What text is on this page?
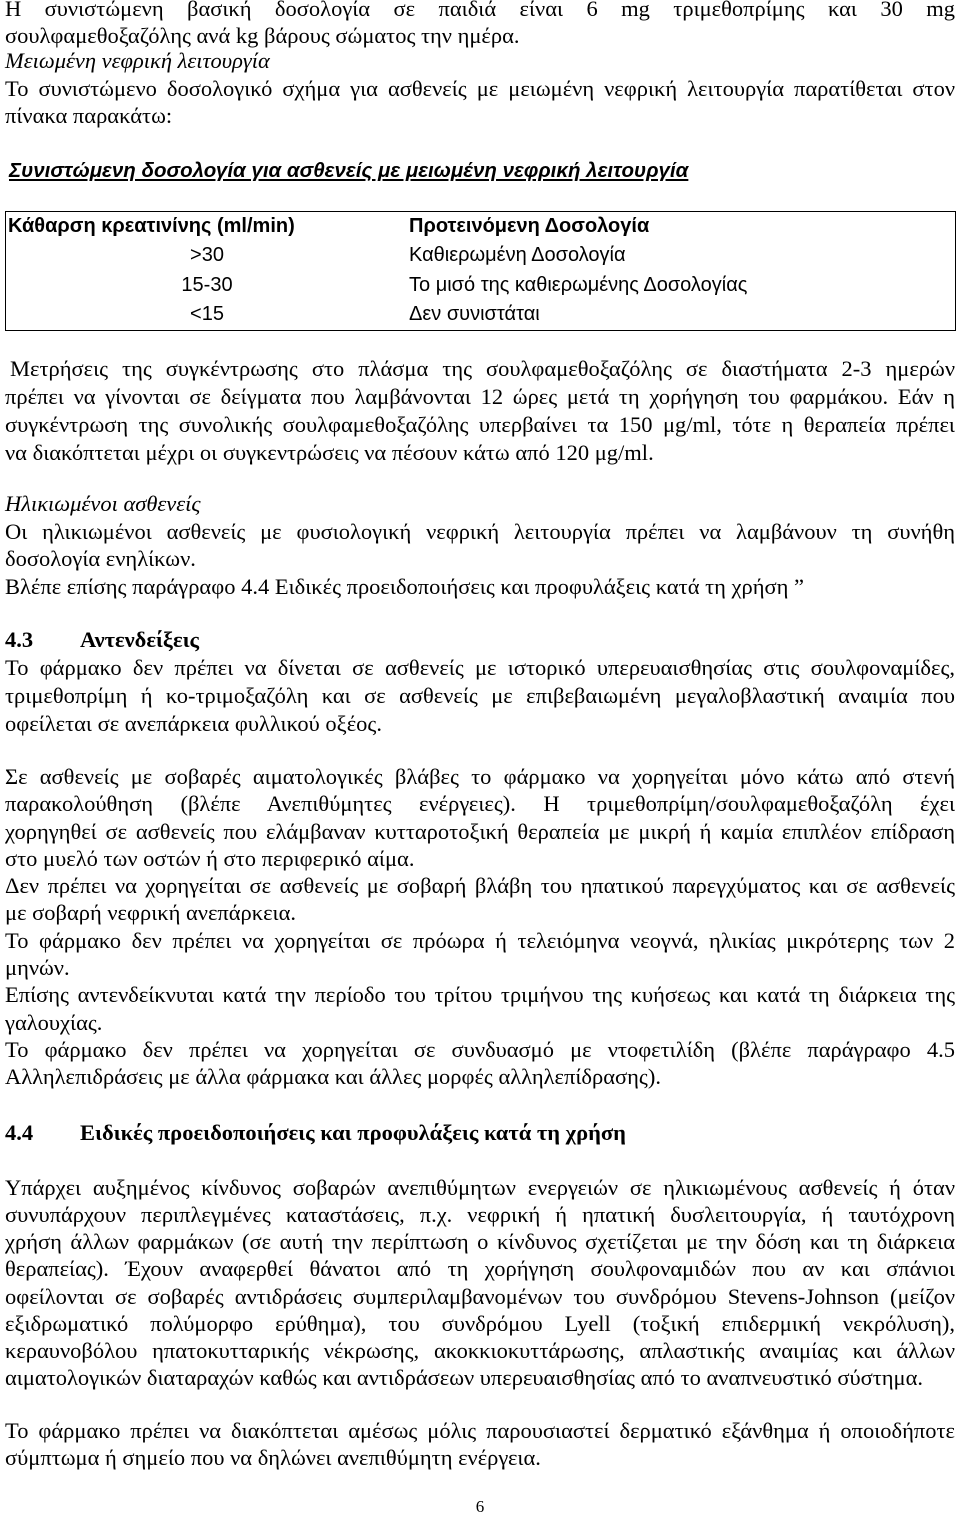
Η συνιστώμενη βασική δοσολογία σε παιδιά είναι 6 mg τριμεθοπρίμης και 30 mg
σουλφαμεθοξαζόλης ανά kg βάρους σώματος την ημέρα.
Μειωμένη νεφρική λειτουργία
Το συνιστώμενο δοσολογικό σχήμα για ασθενείς με μειωμένη νεφρική λειτουργία παρατίθεται στον
πίνακα παρακάτω:
Συνιστώμενη δοσολογία για ασθενείς με μειωμένη νεφρική λειτουργία
Κάθαρση κρεατινίνης (ml/min)	Προτεινόμενη Δοσολογία
>30	Καθιερωμένη Δοσολογία
15-30	Το μισό της καθιερωμένης Δοσολογίας
<15	Δεν συνιστάται
Μετρήσεις της συγκέντρωσης στο πλάσμα της σουλφαμεθοξαζόλης σε διαστήματα 2-3 ημερών
πρέπει να γίνονται σε δείγματα που λαμβάνονται 12 ώρες μετά τη χορήγηση του φαρμάκου. Εάν η
συγκέντρωση της συνολικής σουλφαμεθοξαζόλης υπερβαίνει τα 150 μg/ml, τότε η θεραπεία πρέπει
να διακόπτεται μέχρι οι συγκεντρώσεις να πέσουν κάτω από 120 μg/ml.
Ηλικιωμένοι ασθενείς
Οι ηλικιωμένοι ασθενείς με φυσιολογική νεφρική λειτουργία πρέπει να λαμβάνουν τη συνήθη
δοσολογία ενηλίκων.
Βλέπε επίσης παράγραφο 4.4 Ειδικές προειδοποιήσεις και προφυλάξεις κατά τη χρήση ”
4.3 Αντενδείξεις
Το φάρμακο δεν πρέπει να δίνεται σε ασθενείς με ιστορικό υπερευαισθησίας στις σουλφοναμίδες,
τριμεθοπρίμη ή κο-τριμοξαζόλη και σε ασθενείς με επιβεβαιωμένη μεγαλοβλαστική αναιμία που
οφείλεται σε ανεπάρκεια φυλλικού οξέος.
Σε ασθενείς με σοβαρές αιματολογικές βλάβες το φάρμακο να χορηγείται μόνο κάτω από στενή
παρακολούθηση (βλέπε Ανεπιθύμητες ενέργειες). Η τριμεθοπρίμη/σουλφαμεθοξαζόλη έχει
χορηγηθεί σε ασθενείς που ελάμβαναν κυτταροτοξική θεραπεία με μικρή ή καμία επιπλέον επίδραση
στο μυελό των οστών ή στο περιφερικό αίμα.
Δεν πρέπει να χορηγείται σε ασθενείς με σοβαρή βλάβη του ηπατικού παρεγχύματος και σε ασθενείς
με σοβαρή νεφρική ανεπάρκεια.
Το φάρμακο δεν πρέπει να χορηγείται σε πρόωρα ή τελειόμηνα νεογνά, ηλικίας μικρότερης των 2
μηνών.
Επίσης αντενδείκνυται κατά την περίοδο του τρίτου τριμήνου της κυήσεως και κατά τη διάρκεια της
γαλουχίας.
Το φάρμακο δεν πρέπει να χορηγείται σε συνδυασμό με ντοφετιλίδη (βλέπε παράγραφο 4.5
Αλληλεπιδράσεις με άλλα φάρμακα και άλλες μορφές αλληλεπίδρασης).
4.4 Ειδικές προειδοποιήσεις και προφυλάξεις κατά τη χρήση
Υπάρχει αυξημένος κίνδυνος σοβαρών ανεπιθύμητων ενεργειών σε ηλικιωμένους ασθενείς ή όταν
συνυπάρχουν περιπλεγμένες καταστάσεις, π.χ. νεφρική ή ηπατική δυσλειτουργία, ή ταυτόχρονη
χρήση άλλων φαρμάκων (σε αυτή την περίπτωση ο κίνδυνος σχετίζεται με την δόση και τη διάρκεια
θεραπείας). Έχουν αναφερθεί θάνατοι από τη χορήγηση σουλφοναμιδών που αν και σπάνιοι
οφείλονται σε σοβαρές αντιδράσεις συμπεριλαμβανομένων του συνδρόμου Stevens-Johnson (μείζον
εξιδρωματικό πολύμορφο ερύθημα), του συνδρόμου Lyell (τοξική επιδερμική νεκρόλυση),
κεραυνοβόλου ηπατοκυτταρικής νέκρωσης, ακοκκιοκυττάρωσης, απλαστικής αναιμίας και άλλων
αιματολογικών διαταραχών καθώς και αντιδράσεων υπερευαισθησίας από το αναπνευστικό σύστημα.
Το φάρμακο πρέπει να διακόπτεται αμέσως μόλις παρουσιαστεί δερματικό εξάνθημα ή οποιοδήποτε
σύμπτωμα ή σημείο που να δηλώνει ανεπιθύμητη ενέργεια.
6
